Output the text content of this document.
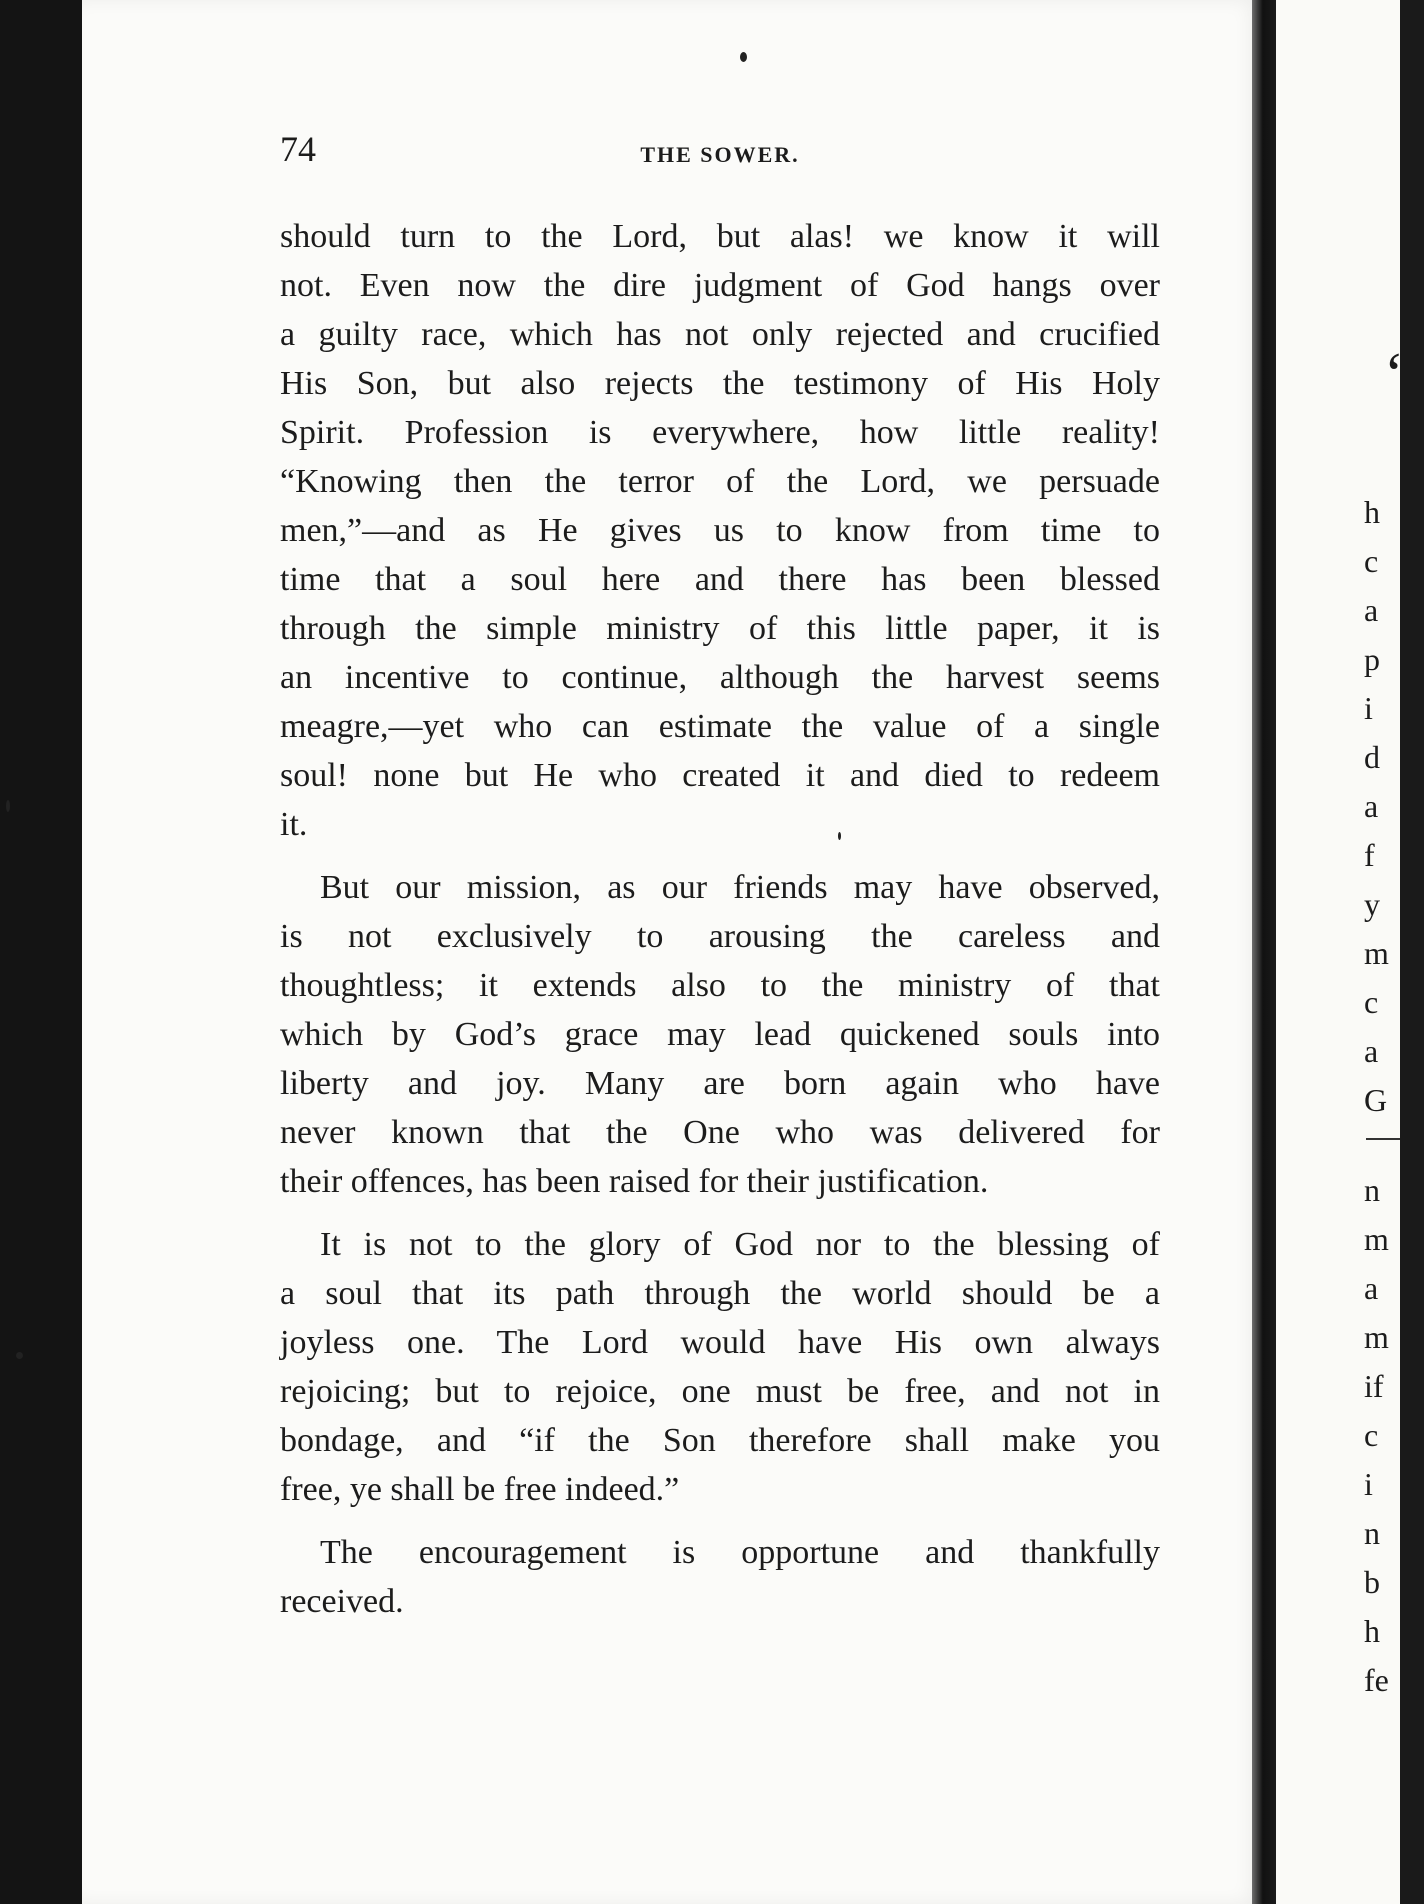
74	THE SOWER.
should turn to the Lord, but alas! we know it will
not. Even now the dire judgment of God hangs over
a guilty race, which has not only rejected and crucified
His Son, but also rejects the testimony of His Holy
Spirit. Profession is everywhere, how little reality!
“Knowing then the terror of the Lord, we persuade
men,”—and as He gives us to know from time to
time that a soul here and there has been blessed
through the simple ministry of this little paper, it is
an incentive to continue, although the harvest seems
meagre,—yet who can estimate the value of a single
soul! none but He who created it and died to redeem
it.
But our mission, as our friends may have observed,
is not exclusively to arousing the careless and
thoughtless; it extends also to the ministry of that
which by God’s grace may lead quickened souls into
liberty and joy. Many are born again who have
never known that the One who was delivered for
their offences, has been raised for their justification.
It is not to the glory of God nor to the blessing of
a soul that its path through the world should be a
joyless one. The Lord would have His own always
rejoicing; but to rejoice, one must be free, and not in
bondage, and “if the Son therefore shall make you
free, ye shall be free indeed.”
The encouragement is opportune and thankfully
received.
‘
h
c
a
p
i
d
a
f
y
m
c
a
G
n
m
a
m
if
c
i
n
b
h
fe
